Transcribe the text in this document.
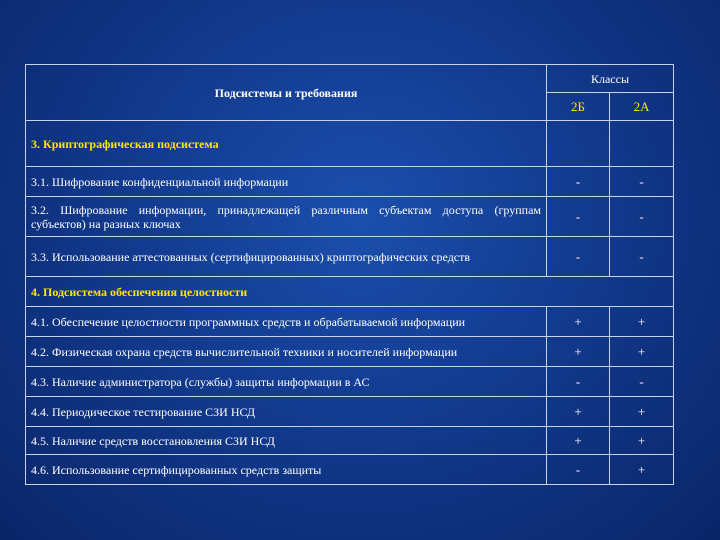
Подсистемы и требования	Классы	
	2Б	2А
3. Криптографическая подсистема		
3.1. Шифрование конфиденциальной информации	-	-
3.2. Шифрование информации, принадлежащей различным субъектам доступа (группам субъектов) на разных ключах	-	-
3.3. Использование аттестованных (сертифицированных) криптографических средств	-	-
4. Подсистема обеспечения целостности		
4.1. Обеспечение целостности программных средств и обрабатываемой информации	+	+
4.2. Физическая охрана средств вычислительной техники и носителей информации	+	+
4.3. Наличие администратора (службы) защиты информации в АС	-	-
4.4. Периодическое тестирование СЗИ НСД	+	+
4.5. Наличие средств восстановления СЗИ НСД	+	+
4.6. Использование сертифицированных средств защиты	-	+
